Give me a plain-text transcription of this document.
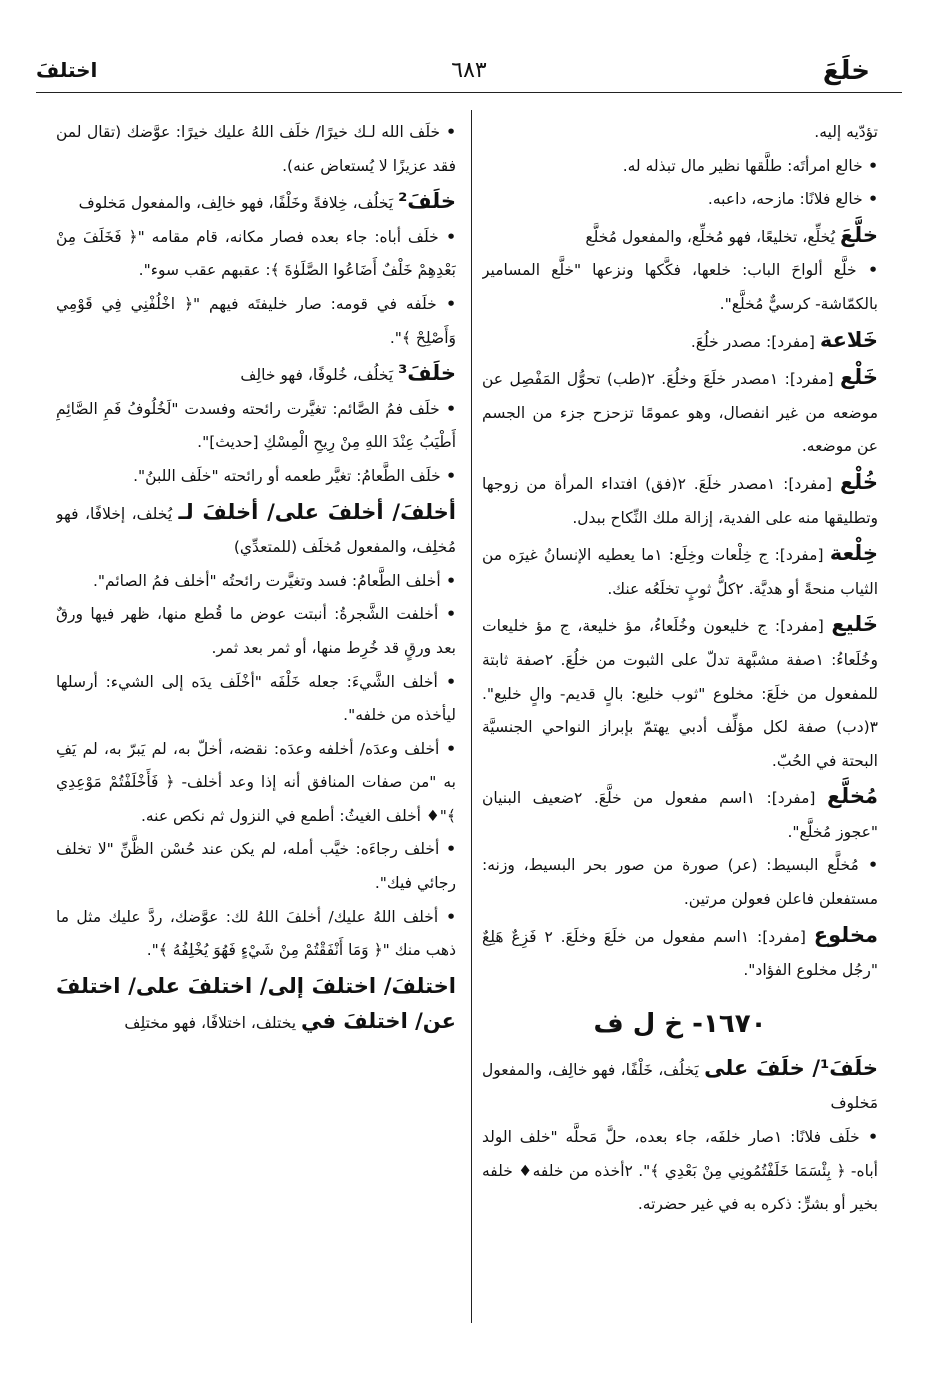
خلَعَ
٦٨٣
اختلفَ

تؤدّيه إليه.

• خالع امرأتَه: طلَّقها نظير مال تبذله له.

• خالع فلانًا: مازحه، داعبه.

خلَّعَ يُخلِّع، تخليعًا، فهو مُخلِّع، والمفعول مُخلَّع

• خلَّع ألواحَ الباب: خلعها، فكَّكها ونزعها "خلَّع المسامير بالكمّاشة- كرسيٌّ مُخلَّع".

خَلاعة [مفرد]: مصدر خلُعَ.

خَلْع [مفرد]: ١مصدر خلَعَ وخلُعَ. ٢(طب) تحوُّل المَفْصِل عن موضعه من غير انفصال، وهو عمومًا تزحزح جزء من الجسم عن موضعه.

خُلْع [مفرد]: ١مصدر خلَعَ. ٢(فق) افتداء المرأة من زوجها وتطليقها منه على الفدية، إزالة ملك النِّكاح ببدل.

خِلْعة [مفرد]: ج خِلْعات وخِلَع: ١ما يعطيه الإنسانُ غيرَه من الثياب منحةً أو هديَّة. ٢كلُّ ثوبٍ تخلَعُه عنك.

خَليع [مفرد]: ج خليعون وخُلَعاءُ، مؤ خليعة، ج مؤ خليعات وخُلَعاءُ: ١صفة مشبَّهة تدلّ على الثبوت من خلُعَ. ٢صفة ثابتة للمفعول من خلَعَ: مخلوع "ثوب خليع: بالٍ قديم- والٍ خليع". ٣(دب) صفة لكل مؤلِّف أدبي يهتمّ بإبراز النواحي الجنسيَّة البحتة في الحُبّ.

مُخلَّع [مفرد]: ١اسم مفعول من خلَّعَ. ٢ضعيف البنيان "عجوز مُخلَّع".

• مُخلَّع البسيط: (عر) صورة من صور بحر البسيط، وزنه: مستفعلن فاعلن فعولن مرتين.

مخلوع [مفرد]: ١اسم مفعول من خلَعَ وخلَعَ. ٢ فَزِعٌ هَلِعٌ "رجُل مخلوع الفؤاد".

١٦٧٠- خ ل ف

خلَفَ¹/ خلَفَ على يَخلُف، خَلْفًا، فهو خالِف، والمفعول مَخلوف

• خلَف فلانًا: ١صار خلفَه، جاء بعده، حلَّ مَحلَّه "خلف الولد أباه- ﴿ بِئْسَمَا خَلَفْتُمُونِي مِنْ بَعْدِي ﴾". ٢أخذه من خلفه♦ خلفه بخير أو بشرٍّ: ذكره به في غير حضرته.

• خلَف الله لـك خيرًا/ خلَف اللهُ عليك خيرًا: عوَّضك (تقال لمن فقد عزيزًا لا يُستعاض عنه).

خلَفَ² يَخلُف، خِلافةً وخَلْفًا، فهو خالِف، والمفعول مَخلوف

• خلَف أباه: جاء بعده فصار مكانه، قام مقامه "﴿ فَخَلَفَ مِنْ بَعْدِهِمْ خَلْفٌ أَضَاعُوا الصَّلَوٰةَ ﴾: عقبهم عقب سوء".

• خلَفه في قومه: صار خليفتَه فيهم "﴿ اخْلُفْنِي فِي قَوْمِي وَأَصْلِحْ ﴾".

خلَفَ³ يَخلُف، خُلوفًا، فهو خالِف

• خلَف فمُ الصَّائم: تغيَّرت رائحته وفسدت "لَخُلُوفُ فَمِ الصَّائِمِ أَطْيَبُ عِنْدَ اللهِ مِنْ رِيحِ الْمِسْكِ [حديث]".

• خلَف الطَّعامُ: تغيَّر طعمه أو رائحته "خلَف اللبنُ".

أخلفَ/ أخلفَ على/ أخلفَ لـ يُخلف، إخلافًا، فهو مُخلِف، والمفعول مُخلَف (للمتعدِّي)

• أخلف الطَّعامُ: فسد وتغيَّرت رائحتُه "أخلف فمُ الصائم".

• أخلفت الشَّجرةُ: أنبتت عوض ما قُطع منها، ظهر فيها ورقٌ بعد ورقٍ قد خُرِط منها، أو ثمر بعد ثمر.

• أخلف الشَّيءَ: جعله خَلْفَه "أخْلَف يدَه إلى الشيء: أرسلها ليأخذه من خلفه".

• أخلف وعدَه/ أخلفه وعدَه: نقضه، أخلّ به، لم يَبرّ به، لم يَفِ به "من صفات المنافق أنه إذا وعد أخلف- ﴿ فَأَخْلَفْتُمْ مَوْعِدِي ﴾"♦ أخلف الغيثُ: أطمع في النزول ثم نكص عنه.

• أخلف رجاءَه: خيَّب أمله، لم يكن عند حُسْن الظَّنِّ "لا تخلف رجائي فيك".

• أخلف اللهُ عليك/ أخلفَ اللهُ لك: عوَّضك، ردَّ عليك مثل ما ذهب منك "﴿ وَمَا أَنْفَقْتُمْ مِنْ شَيْءٍ فَهُوَ يُخْلِفُهُ ﴾".

اختلفَ/ اختلفَ إلى/ اختلفَ على/ اختلفَ عن/ اختلفَ في يختلف، اختلافًا، فهو مختلِف
